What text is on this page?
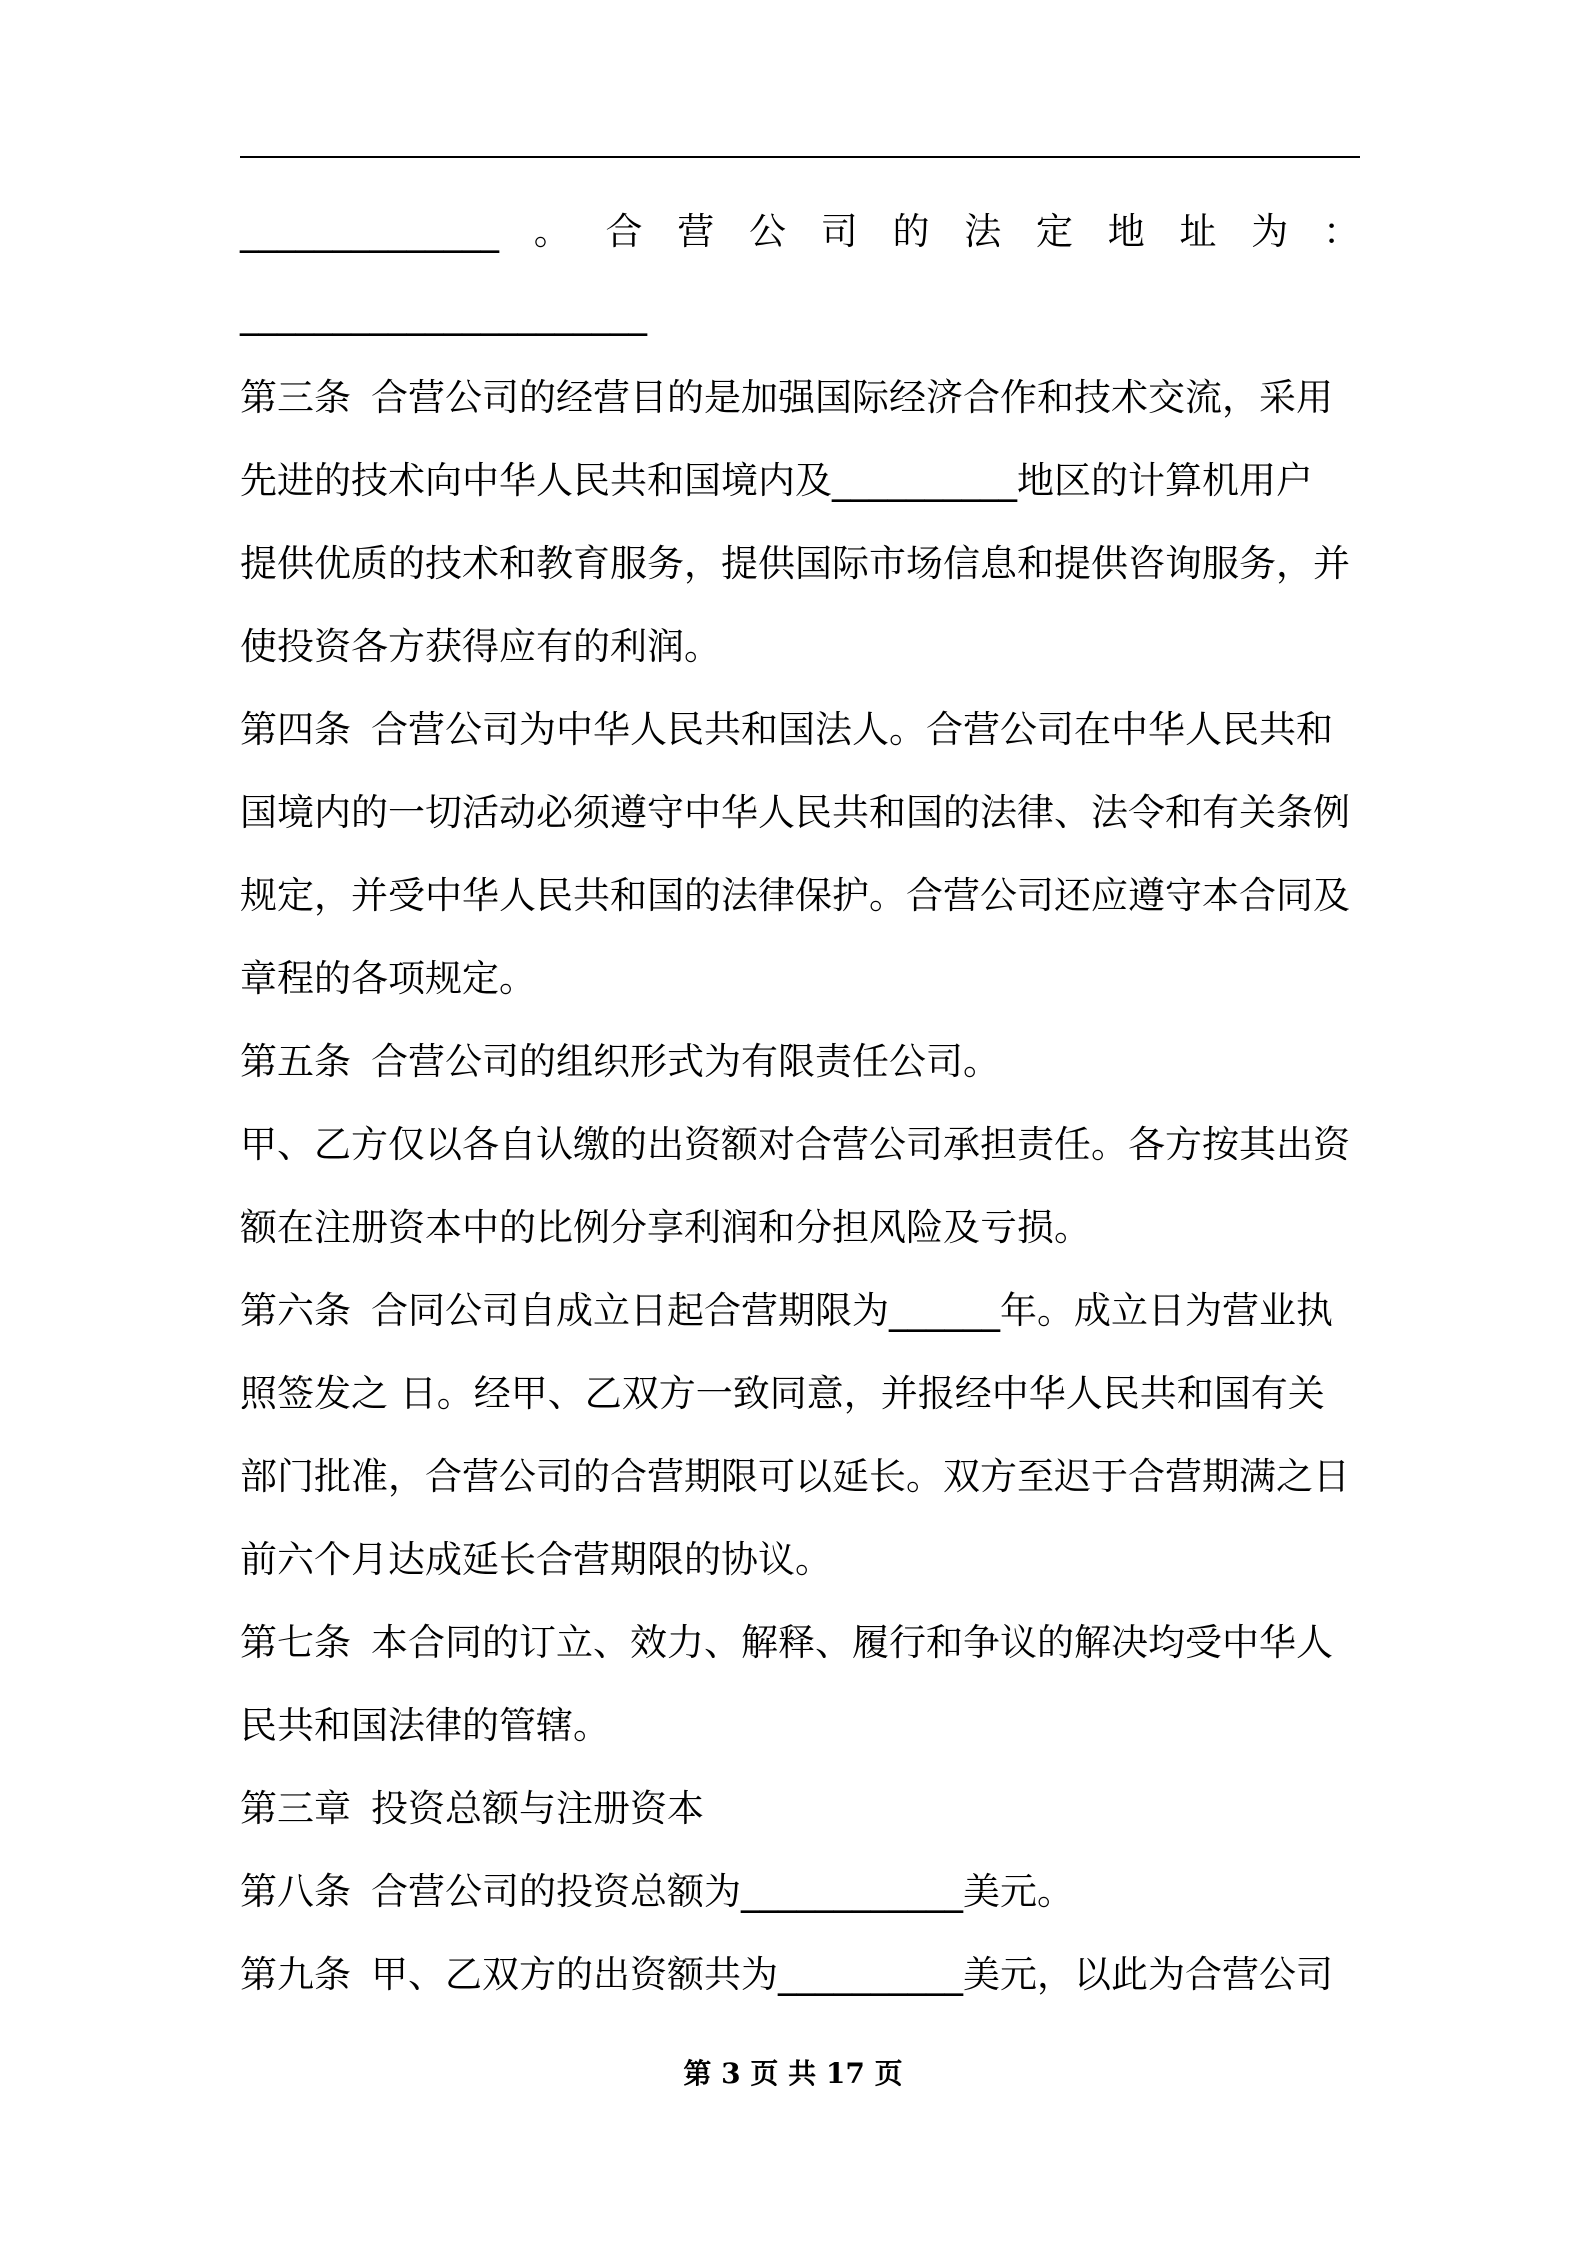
______________ 。 合 营 公 司 的 法 定 地 址 为 ：

______________________

第三条 合营公司的经营目的是加强国际经济合作和技术交流，采用

先进的技术向中华人民共和国境内及__________地区的计算机用户

提供优质的技术和教育服务，提供国际市场信息和提供咨询服务，并

使投资各方获得应有的利润。

第四条 合营公司为中华人民共和国法人。合营公司在中华人民共和

国境内的一切活动必须遵守中华人民共和国的法律、法令和有关条例

规定，并受中华人民共和国的法律保护。合营公司还应遵守本合同及

章程的各项规定。

第五条 合营公司的组织形式为有限责任公司。

甲、乙方仅以各自认缴的出资额对合营公司承担责任。各方按其出资

额在注册资本中的比例分享利润和分担风险及亏损。

第六条 合同公司自成立日起合营期限为______年。成立日为营业执

照签发之 日。经甲、乙双方一致同意，并报经中华人民共和国有关

部门批准，合营公司的合营期限可以延长。双方至迟于合营期满之日

前六个月达成延长合营期限的协议。

第七条 本合同的订立、效力、解释、履行和争议的解决均受中华人

民共和国法律的管辖。

第三章 投资总额与注册资本

第八条 合营公司的投资总额为____________美元。

第九条 甲、乙双方的出资额共为__________美元，以此为合营公司

第 3 页 共 17 页
